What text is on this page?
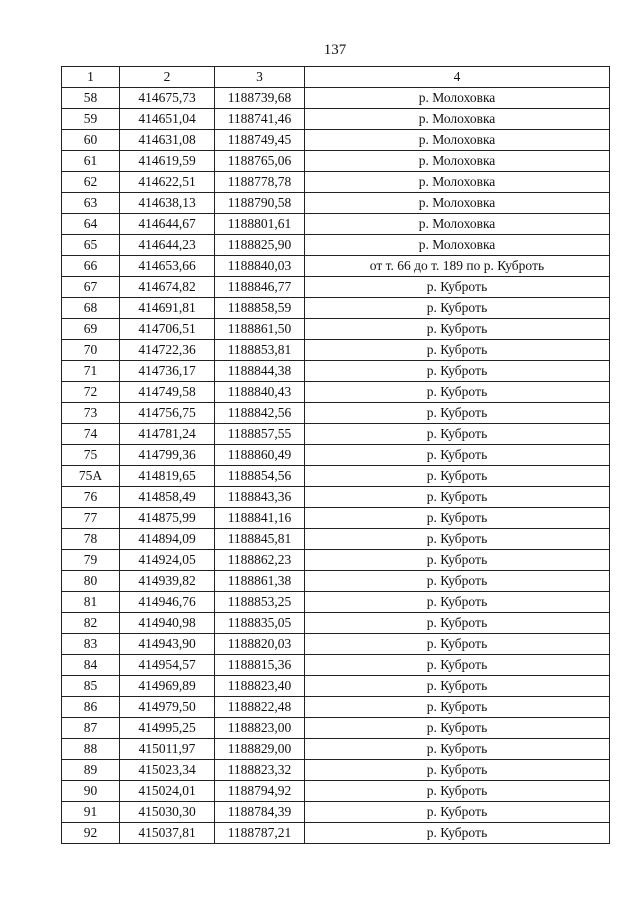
137
1	2	3	4
58	414675,73	1188739,68	р. Молоховка
59	414651,04	1188741,46	р. Молоховка
60	414631,08	1188749,45	р. Молоховка
61	414619,59	1188765,06	р. Молоховка
62	414622,51	1188778,78	р. Молоховка
63	414638,13	1188790,58	р. Молоховка
64	414644,67	1188801,61	р. Молоховка
65	414644,23	1188825,90	р. Молоховка
66	414653,66	1188840,03	от т. 66 до т. 189 по р. Кубрoть
67	414674,82	1188846,77	р. Кубрoть
68	414691,81	1188858,59	р. Кубрoть
69	414706,51	1188861,50	р. Кубрoть
70	414722,36	1188853,81	р. Кубрoть
71	414736,17	1188844,38	р. Кубрoть
72	414749,58	1188840,43	р. Кубрoть
73	414756,75	1188842,56	р. Кубрoть
74	414781,24	1188857,55	р. Кубрoть
75	414799,36	1188860,49	р. Кубрoть
75А	414819,65	1188854,56	р. Кубрoть
76	414858,49	1188843,36	р. Кубрoть
77	414875,99	1188841,16	р. Кубрoть
78	414894,09	1188845,81	р. Кубрoть
79	414924,05	1188862,23	р. Кубрoть
80	414939,82	1188861,38	р. Кубрoть
81	414946,76	1188853,25	р. Кубрoть
82	414940,98	1188835,05	р. Кубрoть
83	414943,90	1188820,03	р. Кубрoть
84	414954,57	1188815,36	р. Кубрoть
85	414969,89	1188823,40	р. Кубрoть
86	414979,50	1188822,48	р. Кубрoть
87	414995,25	1188823,00	р. Кубрoть
88	415011,97	1188829,00	р. Кубрoть
89	415023,34	1188823,32	р. Кубрoть
90	415024,01	1188794,92	р. Кубрoть
91	415030,30	1188784,39	р. Кубрoть
92	415037,81	1188787,21	р. Кубрoть
